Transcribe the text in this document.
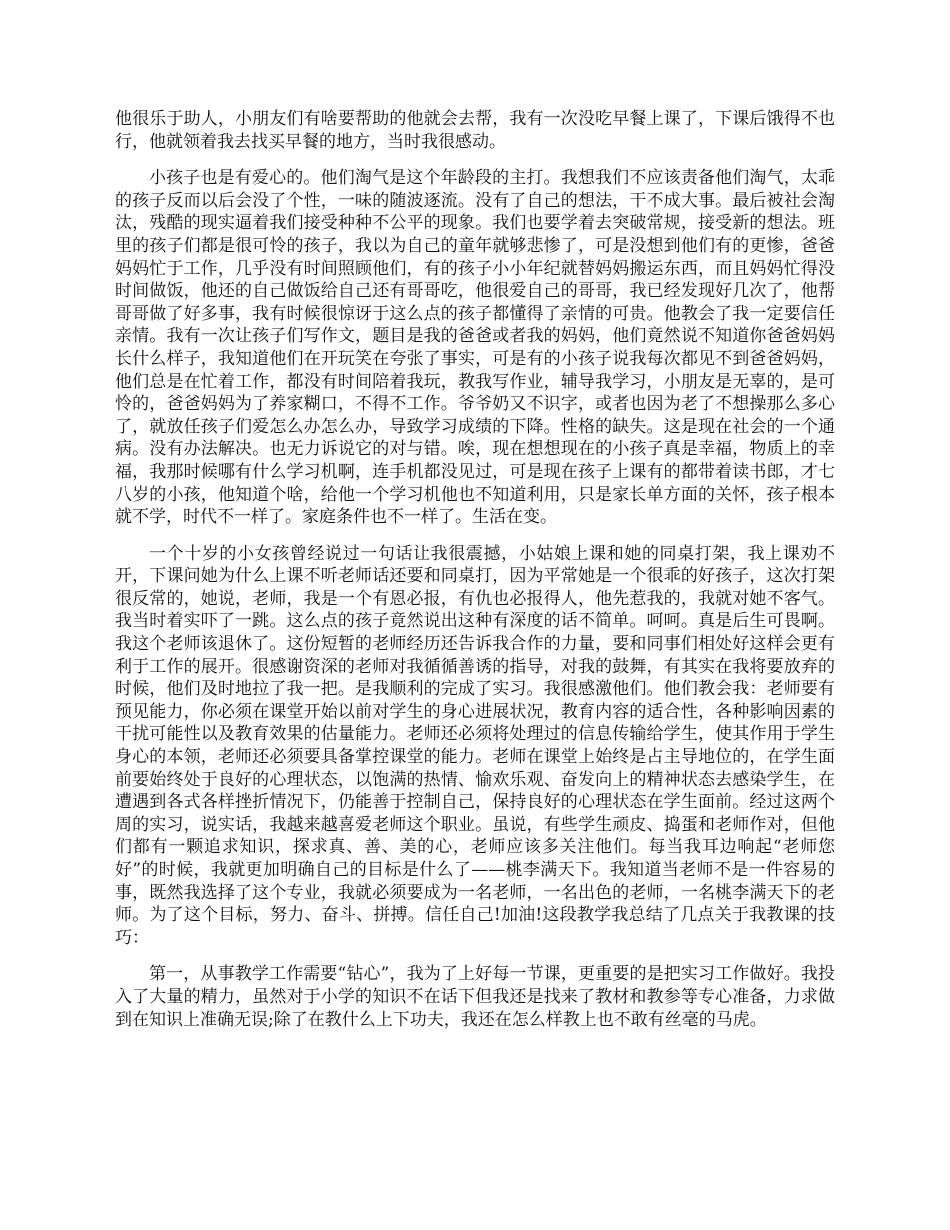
他很乐于助人，小朋友们有啥要帮助的他就会去帮，我有一次没吃早餐上课了，下课后饿得不也行，他就领着我去找买早餐的地方，当时我很感动。

小孩子也是有爱心的。他们淘气是这个年龄段的主打。我想我们不应该责备他们淘气，太乖的孩子反而以后会没了个性，一味的随波逐流。没有了自己的想法，干不成大事。最后被社会淘汰，残酷的现实逼着我们接受种种不公平的现象。我们也要学着去突破常规，接受新的想法。班里的孩子们都是很可怜的孩子，我以为自己的童年就够悲惨了，可是没想到他们有的更惨，爸爸妈妈忙于工作，几乎没有时间照顾他们，有的孩子小小年纪就替妈妈搬运东西，而且妈妈忙得没时间做饭，他还的自己做饭给自己还有哥哥吃，他很爱自己的哥哥，我已经发现好几次了，他帮哥哥做了好多事，我有时候很惊讶于这么点的孩子都懂得了亲情的可贵。他教会了我一定要信任亲情。我有一次让孩子们写作文，题目是我的爸爸或者我的妈妈，他们竟然说不知道你爸爸妈妈长什么样子，我知道他们在开玩笑在夸张了事实，可是有的小孩子说我每次都见不到爸爸妈妈，他们总是在忙着工作，都没有时间陪着我玩，教我写作业，辅导我学习，小朋友是无辜的，是可怜的，爸爸妈妈为了养家糊口，不得不工作。爷爷奶又不识字，或者也因为老了不想操那么多心了，就放任孩子们爱怎么办怎么办，导致学习成绩的下降。性格的缺失。这是现在社会的一个通病。没有办法解决。也无力诉说它的对与错。唉，现在想想现在的小孩子真是幸福，物质上的幸福，我那时候哪有什么学习机啊，连手机都没见过，可是现在孩子上课有的都带着读书郎，才七八岁的小孩，他知道个啥，给他一个学习机他也不知道利用，只是家长单方面的关怀，孩子根本就不学，时代不一样了。家庭条件也不一样了。生活在变。

一个十岁的小女孩曾经说过一句话让我很震撼，小姑娘上课和她的同桌打架，我上课劝不开，下课问她为什么上课不听老师话还要和同桌打，因为平常她是一个很乖的好孩子，这次打架很反常的，她说，老师，我是一个有恩必报，有仇也必报得人，他先惹我的，我就对她不客气。我当时着实吓了一跳。这么点的孩子竟然说出这种有深度的话不简单。呵呵。真是后生可畏啊。我这个老师该退休了。这份短暂的老师经历还告诉我合作的力量，要和同事们相处好这样会更有利于工作的展开。很感谢资深的老师对我循循善诱的指导，对我的鼓舞，有其实在我将要放弃的时候，他们及时地拉了我一把。是我顺利的完成了实习。我很感激他们。他们教会我：老师要有预见能力，你必须在课堂开始以前对学生的身心进展状况，教育内容的适合性，各种影响因素的干扰可能性以及教育效果的估量能力。老师还必须将处理过的信息传输给学生，使其作用于学生身心的本领，老师还必须要具备掌控课堂的能力。老师在课堂上始终是占主导地位的，在学生面前要始终处于良好的心理状态，以饱满的热情、愉欢乐观、奋发向上的精神状态去感染学生，在遭遇到各式各样挫折情况下，仍能善于控制自己，保持良好的心理状态在学生面前。经过这两个周的实习，说实话，我越来越喜爱老师这个职业。虽说，有些学生顽皮、捣蛋和老师作对，但他们都有一颗追求知识，探求真、善、美的心，老师应该多关注他们。每当我耳边响起“老师您好”的时候，我就更加明确自己的目标是什么了——桃李满天下。我知道当老师不是一件容易的事，既然我选择了这个专业，我就必须要成为一名老师，一名出色的老师，一名桃李满天下的老师。为了这个目标，努力、奋斗、拼搏。信任自己!加油!这段教学我总结了几点关于我教课的技巧：

第一，从事教学工作需要“钻心”，我为了上好每一节课，更重要的是把实习工作做好。我投入了大量的精力，虽然对于小学的知识不在话下但我还是找来了教材和教参等专心准备，力求做到在知识上准确无误;除了在教什么上下功夫，我还在怎么样教上也不敢有丝毫的马虎。
